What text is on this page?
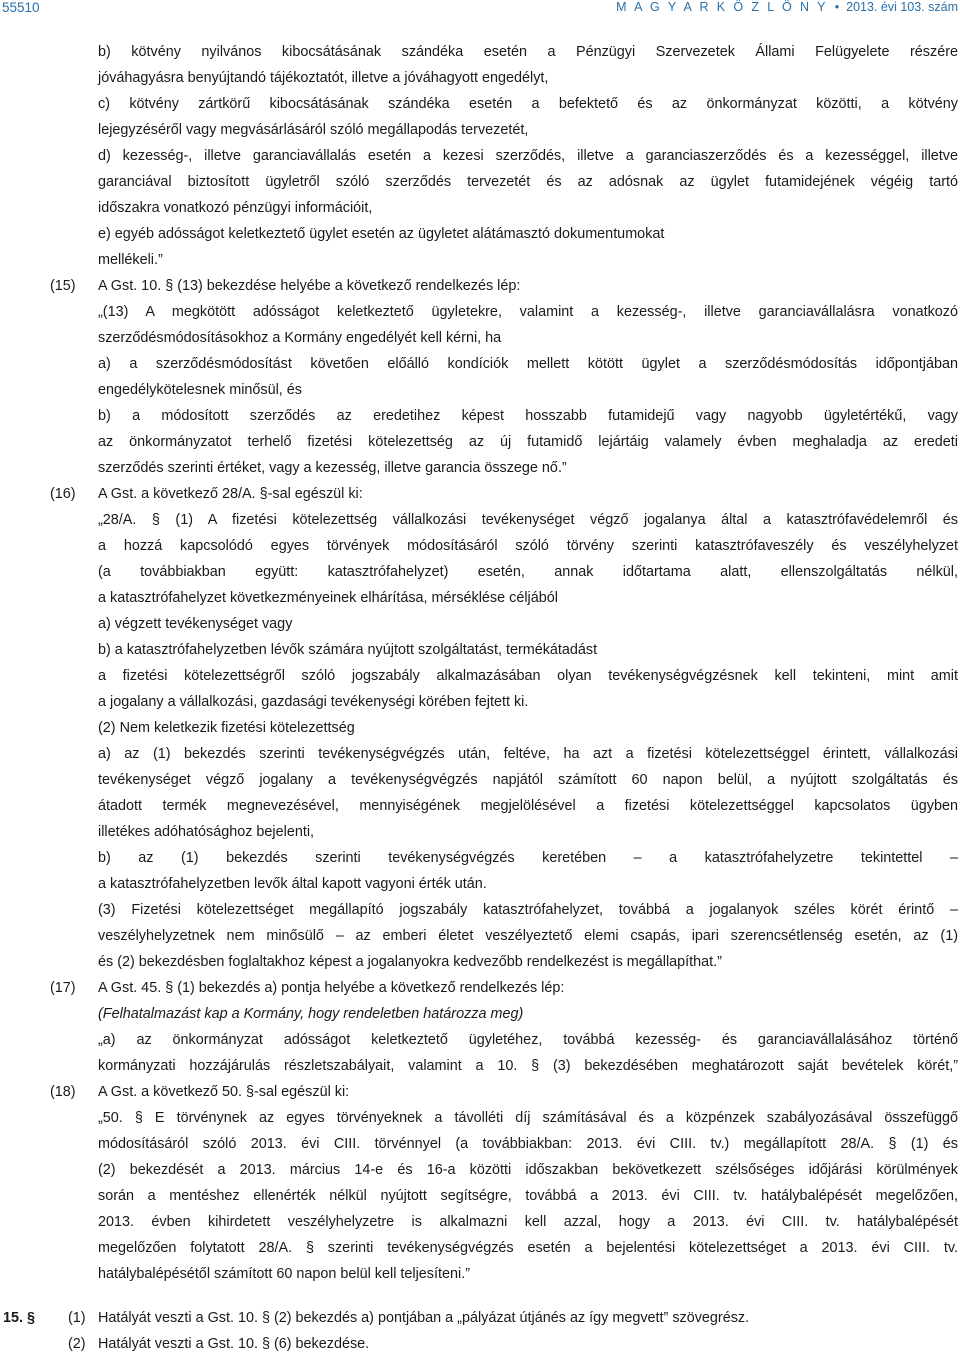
55510	M A G Y A R K Ö Z L Ö N Y • 2013. évi 103. szám
b) kötvény nyilvános kibocsátásának szándéka esetén a Pénzügyi Szervezetek Állami Felügyelete részére
jóváhagyásra benyújtandó tájékoztatót, illetve a jóváhagyott engedélyt,
c) kötvény zártkörű kibocsátásának szándéka esetén a befektető és az önkormányzat közötti, a kötvény
lejegyzéséről vagy megvásárlásáról szóló megállapodás tervezetét,
d) kezesség-, illetve garanciavállalás esetén a kezesi szerződés, illetve a garanciaszerződés és a kezességgel, illetve
garanciával biztosított ügyletről szóló szerződés tervezetét és az adósnak az ügylet futamidejének végéig tartó
időszakra vonatkozó pénzügyi információit,
e) egyéb adósságot keletkeztető ügylet esetén az ügyletet alátámasztó dokumentumokat
mellékeli.”
(15) A Gst. 10. § (13) bekezdése helyébe a következő rendelkezés lép:
„(13) A megkötött adósságot keletkeztető ügyletekre, valamint a kezesség-, illetve garanciavállalásra vonatkozó
szerződésmódosításokhoz a Kormány engedélyét kell kérni, ha
a) a szerződésmódosítást követően előálló kondíciók mellett kötött ügylet a szerződésmódosítás időpontjában
engedélykötelesnek minősül, és
b) a módosított szerződés az eredetihez képest hosszabb futamidejű vagy nagyobb ügyletértékű, vagy
az önkormányzatot terhelő fizetési kötelezettség az új futamidő lejártáig valamely évben meghaladja az eredeti
szerződés szerinti értéket, vagy a kezesség, illetve garancia összege nő.”
(16) A Gst. a következő 28/A. §-sal egészül ki:
„28/A. § (1) A fizetési kötelezettség vállalkozási tevékenységet végző jogalanya által a katasztrófavédelemről és
a hozzá kapcsolódó egyes törvények módosításáról szóló törvény szerinti katasztrófaveszély és veszélyhelyzet
(a továbbiakban együtt: katasztrófahelyzet) esetén, annak időtartama alatt, ellenszolgáltatás nélkül,
a katasztrófahelyzet következményeinek elhárítása, mérséklése céljából
a) végzett tevékenységet vagy
b) a katasztrófahelyzetben lévők számára nyújtott szolgáltatást, termékátadást
a fizetési kötelezettségről szóló jogszabály alkalmazásában olyan tevékenységvégzésnek kell tekinteni, mint amit
a jogalany a vállalkozási, gazdasági tevékenységi körében fejtett ki.
(2) Nem keletkezik fizetési kötelezettség
a) az (1) bekezdés szerinti tevékenységvégzés után, feltéve, ha azt a fizetési kötelezettséggel érintett, vállalkozási
tevékenységet végző jogalany a tevékenységvégzés napjától számított 60 napon belül, a nyújtott szolgáltatás és
átadott termék megnevezésével, mennyiségének megjelölésével a fizetési kötelezettséggel kapcsolatos ügyben
illetékes adóhatósághoz bejelenti,
b) az (1) bekezdés szerinti tevékenységvégzés keretében – a katasztrófahelyzetre tekintettel –
a katasztrófahelyzetben levők által kapott vagyoni érték után.
(3) Fizetési kötelezettséget megállapító jogszabály katasztrófahelyzet, továbbá a jogalanyok széles körét érintő –
veszélyhelyzetnek nem minősülő – az emberi életet veszélyeztető elemi csapás, ipari szerencsétlenség esetén, az (1)
és (2) bekezdésben foglaltakhoz képest a jogalanyokra kedvezőbb rendelkezést is megállapíthat.”
(17) A Gst. 45. § (1) bekezdés a) pontja helyébe a következő rendelkezés lép:
(Felhatalmazást kap a Kormány, hogy rendeletben határozza meg)
„a) az önkormányzat adósságot keletkeztető ügyletéhez, továbbá kezesség- és garanciavállalásához történő
kormányzati hozzájárulás részletszabályait, valamint a 10. § (3) bekezdésében meghatározott saját bevételek körét,”
(18) A Gst. a következő 50. §-sal egészül ki:
„50. § E törvénynek az egyes törvényeknek a távolléti díj számításával és a közpénzek szabályozásával összefüggő
módosításáról szóló 2013. évi CIII. törvénnyel (a továbbiakban: 2013. évi CIII. tv.) megállapított 28/A. § (1) és
(2) bekezdését a 2013. március 14-e és 16-a közötti időszakban bekövetkezett szélsőséges időjárási körülmények
során a mentéshez ellenérték nélkül nyújtott segítségre, továbbá a 2013. évi CIII. tv. hatálybalépését megelőzően,
2013. évben kihirdetett veszélyhelyzetre is alkalmazni kell azzal, hogy a 2013. évi CIII. tv. hatálybalépését
megelőzően folytatott 28/A. § szerinti tevékenységvégzés esetén a bejelentési kötelezettséget a 2013. évi CIII. tv.
hatálybalépésétől számított 60 napon belül kell teljesíteni.”
15. § (1) Hatályát veszti a Gst. 10. § (2) bekezdés a) pontjában a „pályázat útjánés az így megvett” szövegrész.
(2) Hatályát veszti a Gst. 10. § (6) bekezdése.
